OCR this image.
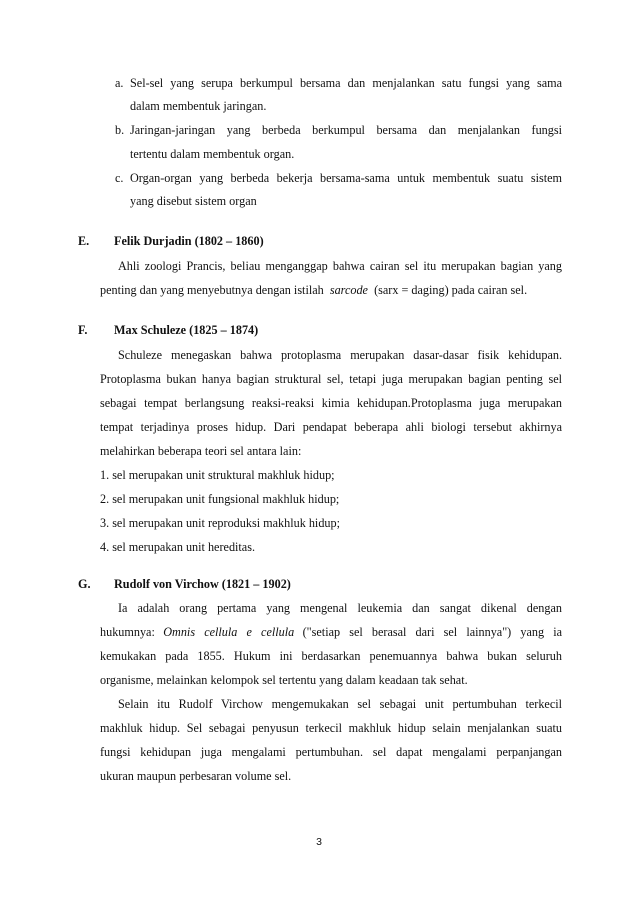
a. Sel-sel yang serupa berkumpul bersama dan menjalankan satu fungsi yang sama
dalam membentuk jaringan.
b. Jaringan-jaringan yang berbeda berkumpul bersama dan menjalankan fungsi
tertentu dalam membentuk organ.
c. Organ-organ yang berbeda bekerja bersama-sama untuk membentuk suatu sistem
yang disebut sistem organ
E. Felik Durjadin (1802 – 1860)
Ahli zoologi Prancis, beliau menganggap bahwa cairan sel itu merupakan bagian yang
penting dan yang menyebutnya dengan istilah sarcode (sarx = daging) pada cairan sel.
F. Max Schuleze (1825 – 1874)
Schuleze menegaskan bahwa protoplasma merupakan dasar-dasar fisik kehidupan.
Protoplasma bukan hanya bagian struktural sel, tetapi juga merupakan bagian penting sel
sebagai tempat berlangsung reaksi-reaksi kimia kehidupan.Protoplasma juga merupakan
tempat terjadinya proses hidup. Dari pendapat beberapa ahli biologi tersebut akhirnya
melahirkan beberapa teori sel antara lain:
1. sel merupakan unit struktural makhluk hidup;
2. sel merupakan unit fungsional makhluk hidup;
3. sel merupakan unit reproduksi makhluk hidup;
4. sel merupakan unit hereditas.
G. Rudolf von Virchow (1821 – 1902)
Ia adalah orang pertama yang mengenal leukemia dan sangat dikenal dengan
hukumnya: Omnis   cellula   e   cellula ("setiap   sel   berasal   dari   sel   lainnya")   yang   ia
kemukakan pada 1855. Hukum ini berdasarkan penemuannya bahwa bukan seluruh
organisme, melainkan kelompok sel tertentu yang dalam keadaan tak sehat.
Selain itu Rudolf Virchow mengemukakan sel sebagai unit pertumbuhan terkecil
makhluk hidup. Sel sebagai penyusun terkecil makhluk hidup selain menjalankan suatu
fungsi kehidupan juga mengalami pertumbuhan. sel dapat mengalami perpanjangan
ukuran maupun perbesaran volume sel.
3
